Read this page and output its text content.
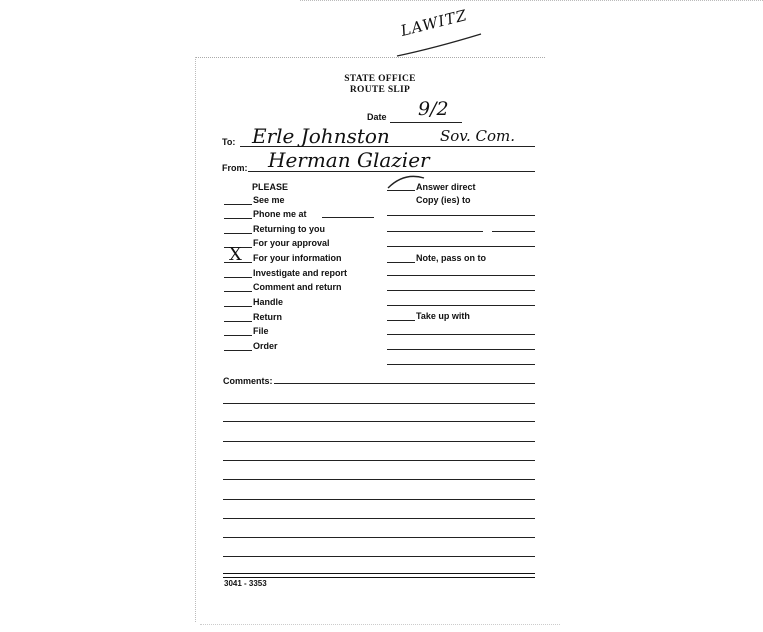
LAWITZ
STATE OFFICE
ROUTE SLIP
Date 9/2
To: Erle Johnston	Sov. Com.
From: Herman Glazier
PLEASE
See me
Phone me at
Returning to you
For your approval
For your information
Investigate and report
Comment and return
Handle
Return
File
Order
X
Answer direct
Copy (ies) to
Note, pass on to
Take up with
Comments:
3041 - 3353
